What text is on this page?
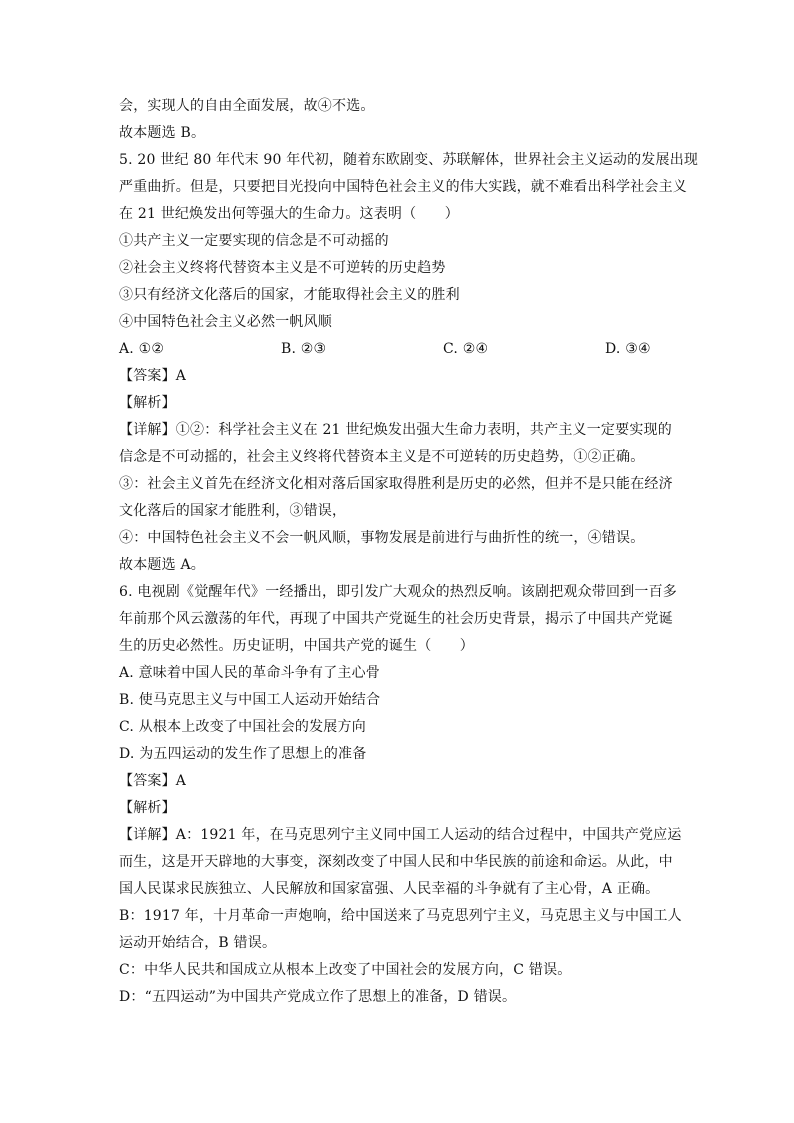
会，实现人的自由全面发展，故④不选。
故本题选 B。
5. 20 世纪 80 年代末 90 年代初，随着东欧剧变、苏联解体，世界社会主义运动的发展出现
严重曲折。但是，只要把目光投向中国特色社会主义的伟大实践，就不难看出科学社会主义
在 21 世纪焕发出何等强大的生命力。这表明（　　）
①共产主义一定要实现的信念是不可动摇的
②社会主义终将代替资本主义是不可逆转的历史趋势
③只有经济文化落后的国家，才能取得社会主义的胜利
④中国特色社会主义必然一帆风顺
A. ①②	B. ②③	C. ②④	D. ③④
【答案】A
【解析】
【详解】①②：科学社会主义在 21 世纪焕发出强大生命力表明，共产主义一定要实现的
信念是不可动摇的，社会主义终将代替资本主义是不可逆转的历史趋势，①②正确。
③：社会主义首先在经济文化相对落后国家取得胜利是历史的必然，但并不是只能在经济
文化落后的国家才能胜利，③错误，
④：中国特色社会主义不会一帆风顺，事物发展是前进行与曲折性的统一，④错误。
故本题选 A。
6. 电视剧《觉醒年代》一经播出，即引发广大观众的热烈反响。该剧把观众带回到一百多
年前那个风云激荡的年代，再现了中国共产党诞生的社会历史背景，揭示了中国共产党诞
生的历史必然性。历史证明，中国共产党的诞生（　　）
A. 意味着中国人民的革命斗争有了主心骨
B. 使马克思主义与中国工人运动开始结合
C. 从根本上改变了中国社会的发展方向
D. 为五四运动的发生作了思想上的准备
【答案】A
【解析】
【详解】A：1921 年，在马克思列宁主义同中国工人运动的结合过程中，中国共产党应运
而生，这是开天辟地的大事变，深刻改变了中国人民和中华民族的前途和命运。从此，中
国人民谋求民族独立、人民解放和国家富强、人民幸福的斗争就有了主心骨，A 正确。
B：1917 年，十月革命一声炮响，给中国送来了马克思列宁主义，马克思主义与中国工人
运动开始结合，B 错误。
C：中华人民共和国成立从根本上改变了中国社会的发展方向，C 错误。
D：“五四运动”为中国共产党成立作了思想上的准备，D 错误。
